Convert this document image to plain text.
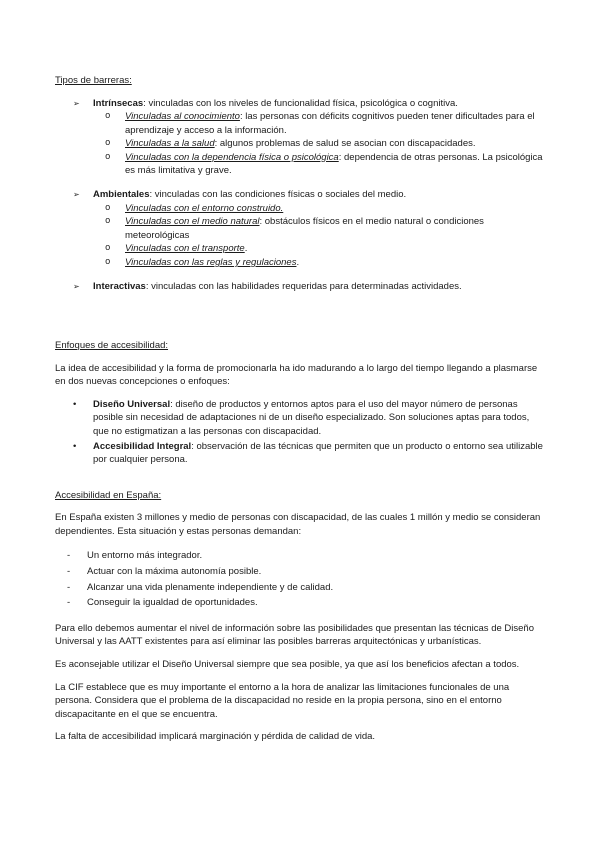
Tipos de barreras:
➢	Intrínsecas: vinculadas con los niveles de funcionalidad física, psicológica o cognitiva.
o	Vinculadas al conocimiento: las personas con déficits cognitivos pueden tener dificultades para el aprendizaje y acceso a la información.
o	Vinculadas a la salud: algunos problemas de salud se asocian con discapacidades.
o	Vinculadas con la dependencia física o psicológica: dependencia de otras personas. La psicológica es más limitativa y grave.
➢	Ambientales: vinculadas con las condiciones físicas o sociales del medio.
o	Vinculadas con el entorno construido.
o	Vinculadas con el medio natural: obstáculos físicos en el medio natural o condiciones meteorológicas
o	Vinculadas con el transporte.
o	Vinculadas con las reglas y regulaciones.
➢	Interactivas: vinculadas con las habilidades requeridas para determinadas actividades.
Enfoques de accesibilidad:

La idea de accesibilidad y la forma de promocionarla ha ido madurando a lo largo del tiempo llegando a plasmarse en dos nuevas concepciones o enfoques:

•	Diseño Universal: diseño de productos y entornos aptos para el uso del mayor número de personas posible sin necesidad de adaptaciones ni de un diseño especializado. Son soluciones aptas para todos, que no estigmatizan a las personas con discapacidad.
•	Accesibilidad Integral: observación de las técnicas que permiten que un producto o entorno sea utilizable por cualquier persona.
Accesibilidad en España:

En España existen 3 millones y medio de personas con discapacidad, de las cuales 1 millón y medio se consideran dependientes. Esta situación y estas personas demandan:

-	Un entorno más integrador.
-	Actuar con la máxima autonomía posible.
-	Alcanzar una vida plenamente independiente y de calidad.
-	Conseguir la igualdad de oportunidades.

Para ello debemos aumentar el nivel de información sobre las posibilidades que presentan las técnicas de Diseño Universal y las AATT existentes para así eliminar las posibles barreras arquitectónicas y urbanísticas.

Es aconsejable utilizar el Diseño Universal siempre que sea posible, ya que así los beneficios afectan a todos.

La CIF establece que es muy importante el entorno a la hora de analizar las limitaciones funcionales de una persona. Considera que el problema de la discapacidad no reside en la propia persona, sino en el entorno discapacitante en el que se encuentra.

La falta de accesibilidad implicará marginación y pérdida de calidad de vida.
